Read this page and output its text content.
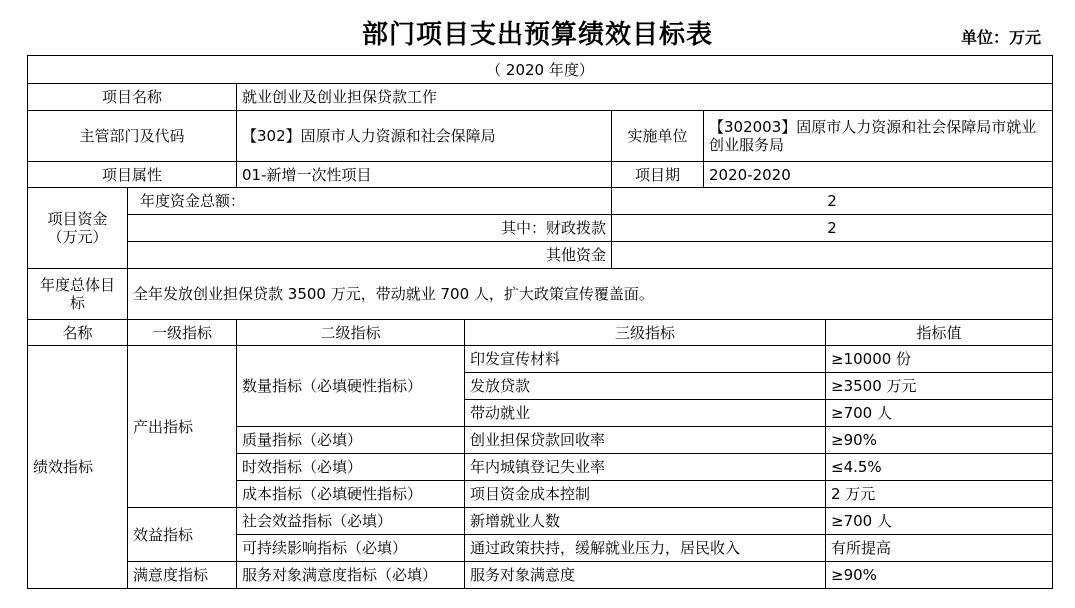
部门项目支出预算绩效目标表	单位：万元
（ 2020 年度）						
项目名称		就业创业及创业担保贷款工作				
主管部门及代码		【302】固原市人力资源和社会保障局		实施单位	【302003】固原市人力资源和社会保障局市就业创业服务局	
项目属性		01-新增一次性项目		项目期	2020-2020	
项目资金（万元）	年度资金总额：			2		
	其中：财政拨款			2		
	其他资金					
年度总体目标	全年发放创业担保贷款 3500 万元，带动就业 700 人，扩大政策宣传覆盖面。					
名称	一级指标	二级指标	三级指标			指标值
绩效指标	产出指标	数量指标（必填硬性指标）	印发宣传材料			≥10000 份
			发放贷款			≥3500 万元
			带动就业			≥700 人
		质量指标（必填）	创业担保贷款回收率			≥90%
		时效指标（必填）	年内城镇登记失业率			≤4.5%
		成本指标（必填硬性指标）	项目资金成本控制			2 万元
	效益指标	社会效益指标（必填）	新增就业人数			≥700 人
		可持续影响指标（必填）	通过政策扶持，缓解就业压力，居民收入			有所提高
	满意度指标	服务对象满意度指标（必填）	服务对象满意度			≥90%
